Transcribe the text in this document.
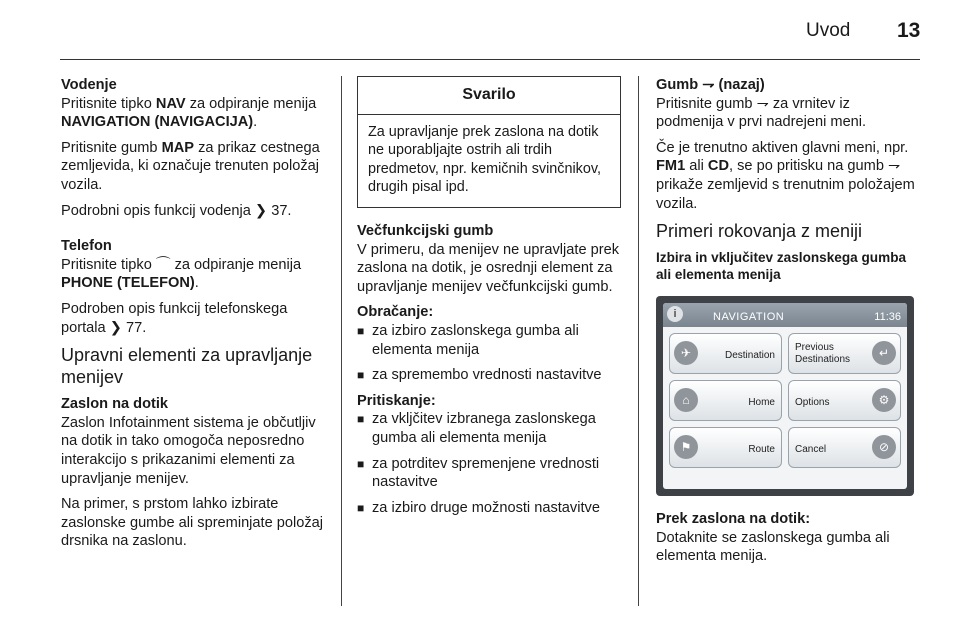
Uvod 13

Vodenje

Pritisnite tipko NAV za odpiranje menija NAVIGATION (NAVIGACIJA).

Pritisnite gumb MAP za prikaz cestnega zemljevida, ki označuje trenuten položaj vozila.

Podrobni opis funkcij vodenja ❯ 37.

Telefon

Pritisnite tipko ⌒ za odpiranje menija PHONE (TELEFON).

Podroben opis funkcij telefonskega portala ❯ 77.

Upravni elementi za upravljanje menijev

Zaslon na dotik

Zaslon Infotainment sistema je občutljiv na dotik in tako omogoča neposredno interakcijo s prikazanimi elementi za upravljanje menijev.

Na primer, s prstom lahko izbirate zaslonske gumbe ali spreminjate položaj drsnika na zaslonu.

Svarilo
Za upravljanje prek zaslona na dotik ne uporabljajte ostrih ali trdih predmetov, npr. kemičnih svinčnikov, drugih pisal ipd.

Večfunkcijski gumb

V primeru, da menijev ne upravljate prek zaslona na dotik, je osrednji element za upravljanje menijev večfunkcijski gumb.

Obračanje:

■ za izbiro zaslonskega gumba ali elementa menija
■ za spremembo vrednosti nastavitve

Pritiskanje:

■ za vkljčitev izbranega zaslonskega gumba ali elementa menija
■ za potrditev spremenjene vrednosti nastavitve
■ za izbiro druge možnosti nastavitve

Gumb ⇁ (nazaj)

Pritisnite gumb ⇁ za vrnitev iz podmenija v prvi nadrejeni meni.

Če je trenutno aktiven glavni meni, npr. FM1 ali CD, se po pritisku na gumb ⇁ prikaže zemljevid s trenutnim položajem vozila.

Primeri rokovanja z meniji

Izbira in vključitev zaslonskega gumba ali elementa menija

i	NAVIGATION	11:36
✈	Destination
Previous Destinations	↵
⌂	Home Options	⚙
⚑	Route Cancel	⊘

Prek zaslona na dotik:

Dotaknite se zaslonskega gumba ali elementa menija.
